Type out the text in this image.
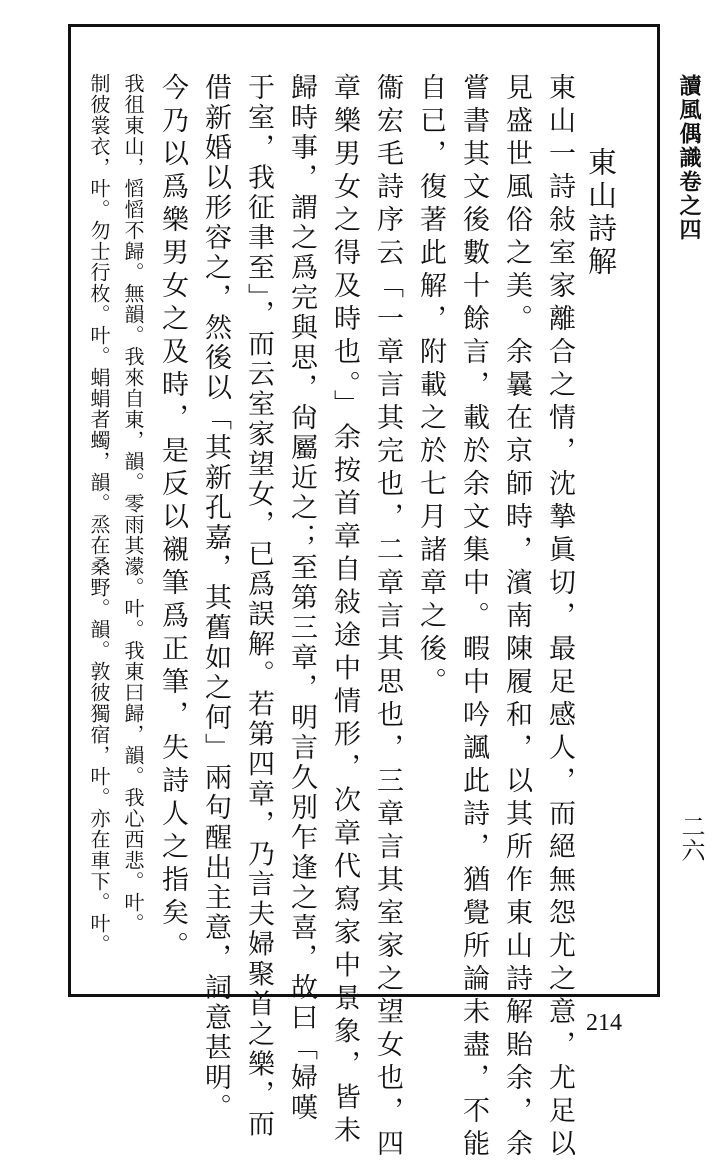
讀風偶識卷之四
二六
東山詩解
東山一詩敍室家離合之情，沈摯眞切，最足感人，而絕無怨尤之意，尤足以
見盛世風俗之美。余曩在京師時，濱南陳履和，以其所作東山詩解貽余，余
嘗書其文後數十餘言，載於余文集中。暇中吟諷此詩，猶覺所論未盡，不能
自已，復著此解，附載之於七月諸章之後。
衞宏毛詩序云「一章言其完也，二章言其思也，三章言其室家之望女也，四
章樂男女之得及時也。」余按首章自敍途中情形，次章代寫家中景象，皆未
歸時事，謂之爲完與思，尙屬近之；至第三章，明言久別乍逢之喜，故曰「婦嘆
于室，我征聿至」，而云室家望女，已爲誤解。若第四章，乃言夫婦聚首之樂，而
借新婚以形容之，然後以「其新孔嘉，其舊如之何」兩句醒出主意，詞意甚明。
今乃以爲樂男女之及時，是反以襯筆爲正筆，失詩人之指矣。
我徂東山，慆慆不歸。無韻。我來自東，韻。零雨其濛。叶。我東曰歸，韻。我心西悲。叶。
制彼裳衣，叶。勿士行枚。叶。蜎蜎者蠋，韻。烝在桑野。韻。敦彼獨宿，叶。亦在車下。叶。
214
